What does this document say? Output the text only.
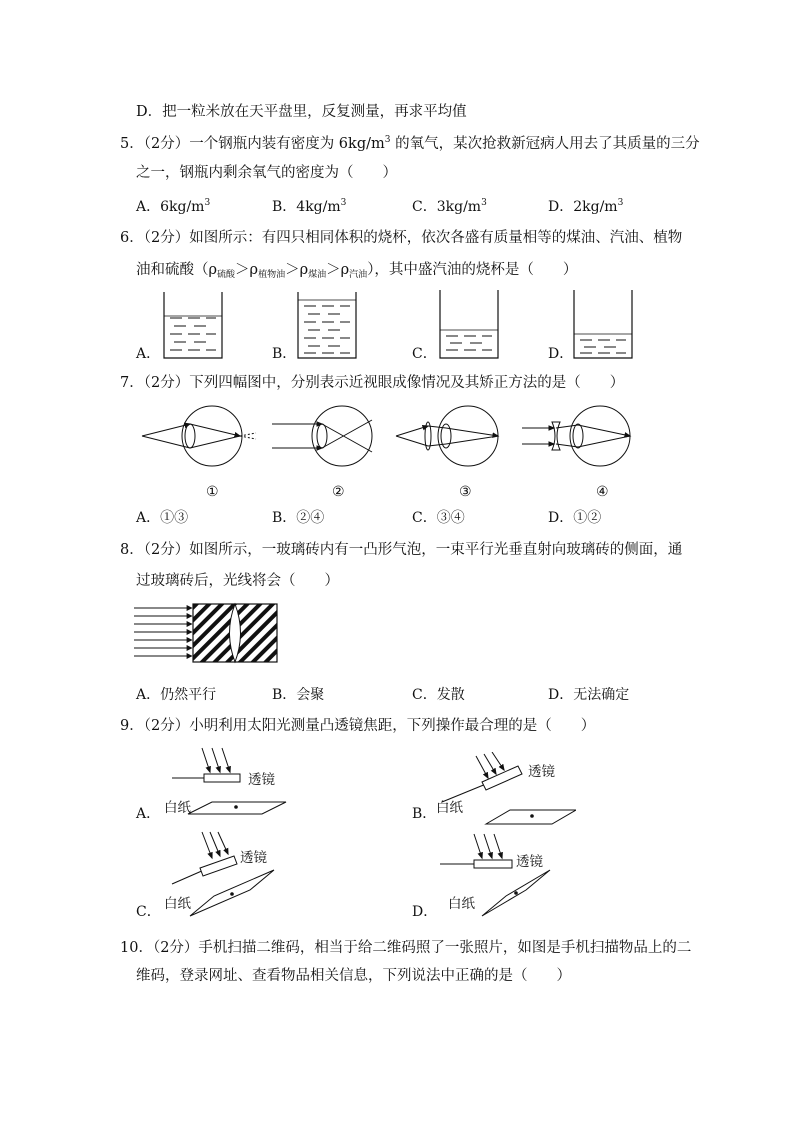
D．把一粒米放在天平盘里，反复测量，再求平均值
5．（2分）一个钢瓶内装有密度为 $6kg/m^3$ 的氧气，某次抢救新冠病人用去了其质量的三分
之一，钢瓶内剩余氧气的密度为（　　）
A．$6kg/m^3$	B．$4kg/m^3$	C．$3kg/m^3$	D．$2kg/m^3$
6．（2分）如图所示：有四只相同体积的烧杯，依次各盛有质量相等的煤油、汽油、植物
油和硫酸$(\rho_{硫酸}>\rho_{植物油}>\rho_{煤油}>\rho_{汽油})$，其中盛汽油的烧杯是（　　）
A．	B．	C．	D．
7．（2分）下列四幅图中，分别表示近视眼成像情况及其矫正方法的是（　　）
①	②	③	④
A．①③	B．②④	C．③④	D．①②
8．（2分）如图所示，一玻璃砖内有一凸形气泡，一束平行光垂直射向玻璃砖的侧面，通
过玻璃砖后，光线将会（　　）
A．仍然平行	B．会聚	C．发散	D．无法确定
9．（2分）小明利用太阳光测量凸透镜焦距，下列操作最合理的是（　　）
透镜
白纸
A．
透镜
白纸
B．
透镜
白纸
C．
透镜
白纸
D．
10．（2分）手机扫描二维码，相当于给二维码照了一张照片，如图是手机扫描物品上的二
维码，登录网址、查看物品相关信息，下列说法中正确的是（　　）
